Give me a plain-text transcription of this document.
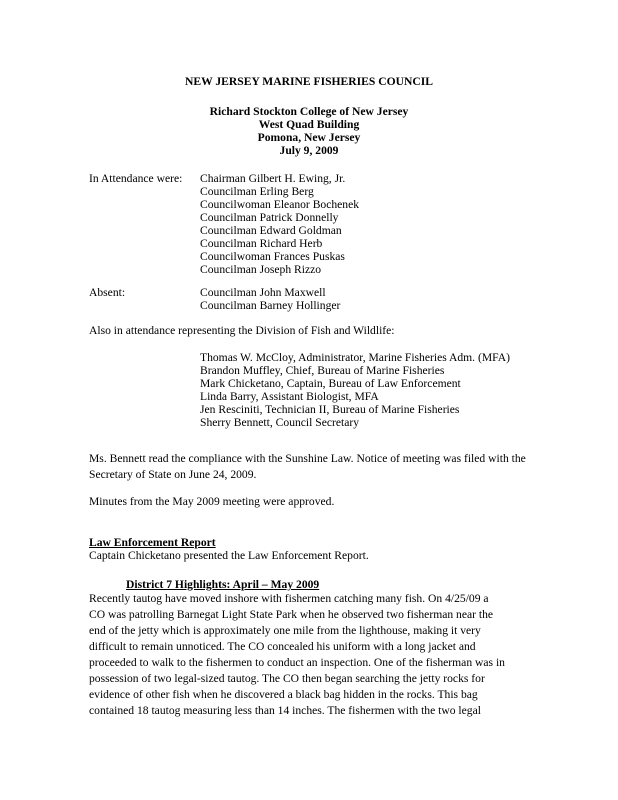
NEW JERSEY MARINE FISHERIES COUNCIL
Richard Stockton College of New Jersey
West Quad Building
Pomona, New Jersey
July 9, 2009
In Attendance were: Chairman Gilbert H. Ewing, Jr.
Councilman Erling Berg
Councilwoman Eleanor Bochenek
Councilman Patrick Donnelly
Councilman Edward Goldman
Councilman Richard Herb
Councilwoman Frances Puskas
Councilman Joseph Rizzo
Absent:	Councilman John Maxwell
Councilman Barney Hollinger
Also in attendance representing the Division of Fish and Wildlife:
Thomas W. McCloy, Administrator, Marine Fisheries Adm. (MFA)
Brandon Muffley, Chief, Bureau of Marine Fisheries
Mark Chicketano, Captain, Bureau of Law Enforcement
Linda Barry, Assistant Biologist, MFA
Jen Resciniti, Technician II, Bureau of Marine Fisheries
Sherry Bennett, Council Secretary
Ms. Bennett read the compliance with the Sunshine Law. Notice of meeting was filed with the Secretary of State on June 24, 2009.
Minutes from the May 2009 meeting were approved.
Law Enforcement Report
Captain Chicketano presented the Law Enforcement Report.
District 7 Highlights: April – May 2009
Recently tautog have moved inshore with fishermen catching many fish. On 4/25/09 a
CO was patrolling Barnegat Light State Park when he observed two fisherman near the
end of the jetty which is approximately one mile from the lighthouse, making it very
difficult to remain unnoticed. The CO concealed his uniform with a long jacket and
proceeded to walk to the fishermen to conduct an inspection. One of the fisherman was in
possession of two legal-sized tautog. The CO then began searching the jetty rocks for
evidence of other fish when he discovered a black bag hidden in the rocks. This bag
contained 18 tautog measuring less than 14 inches. The fishermen with the two legal
